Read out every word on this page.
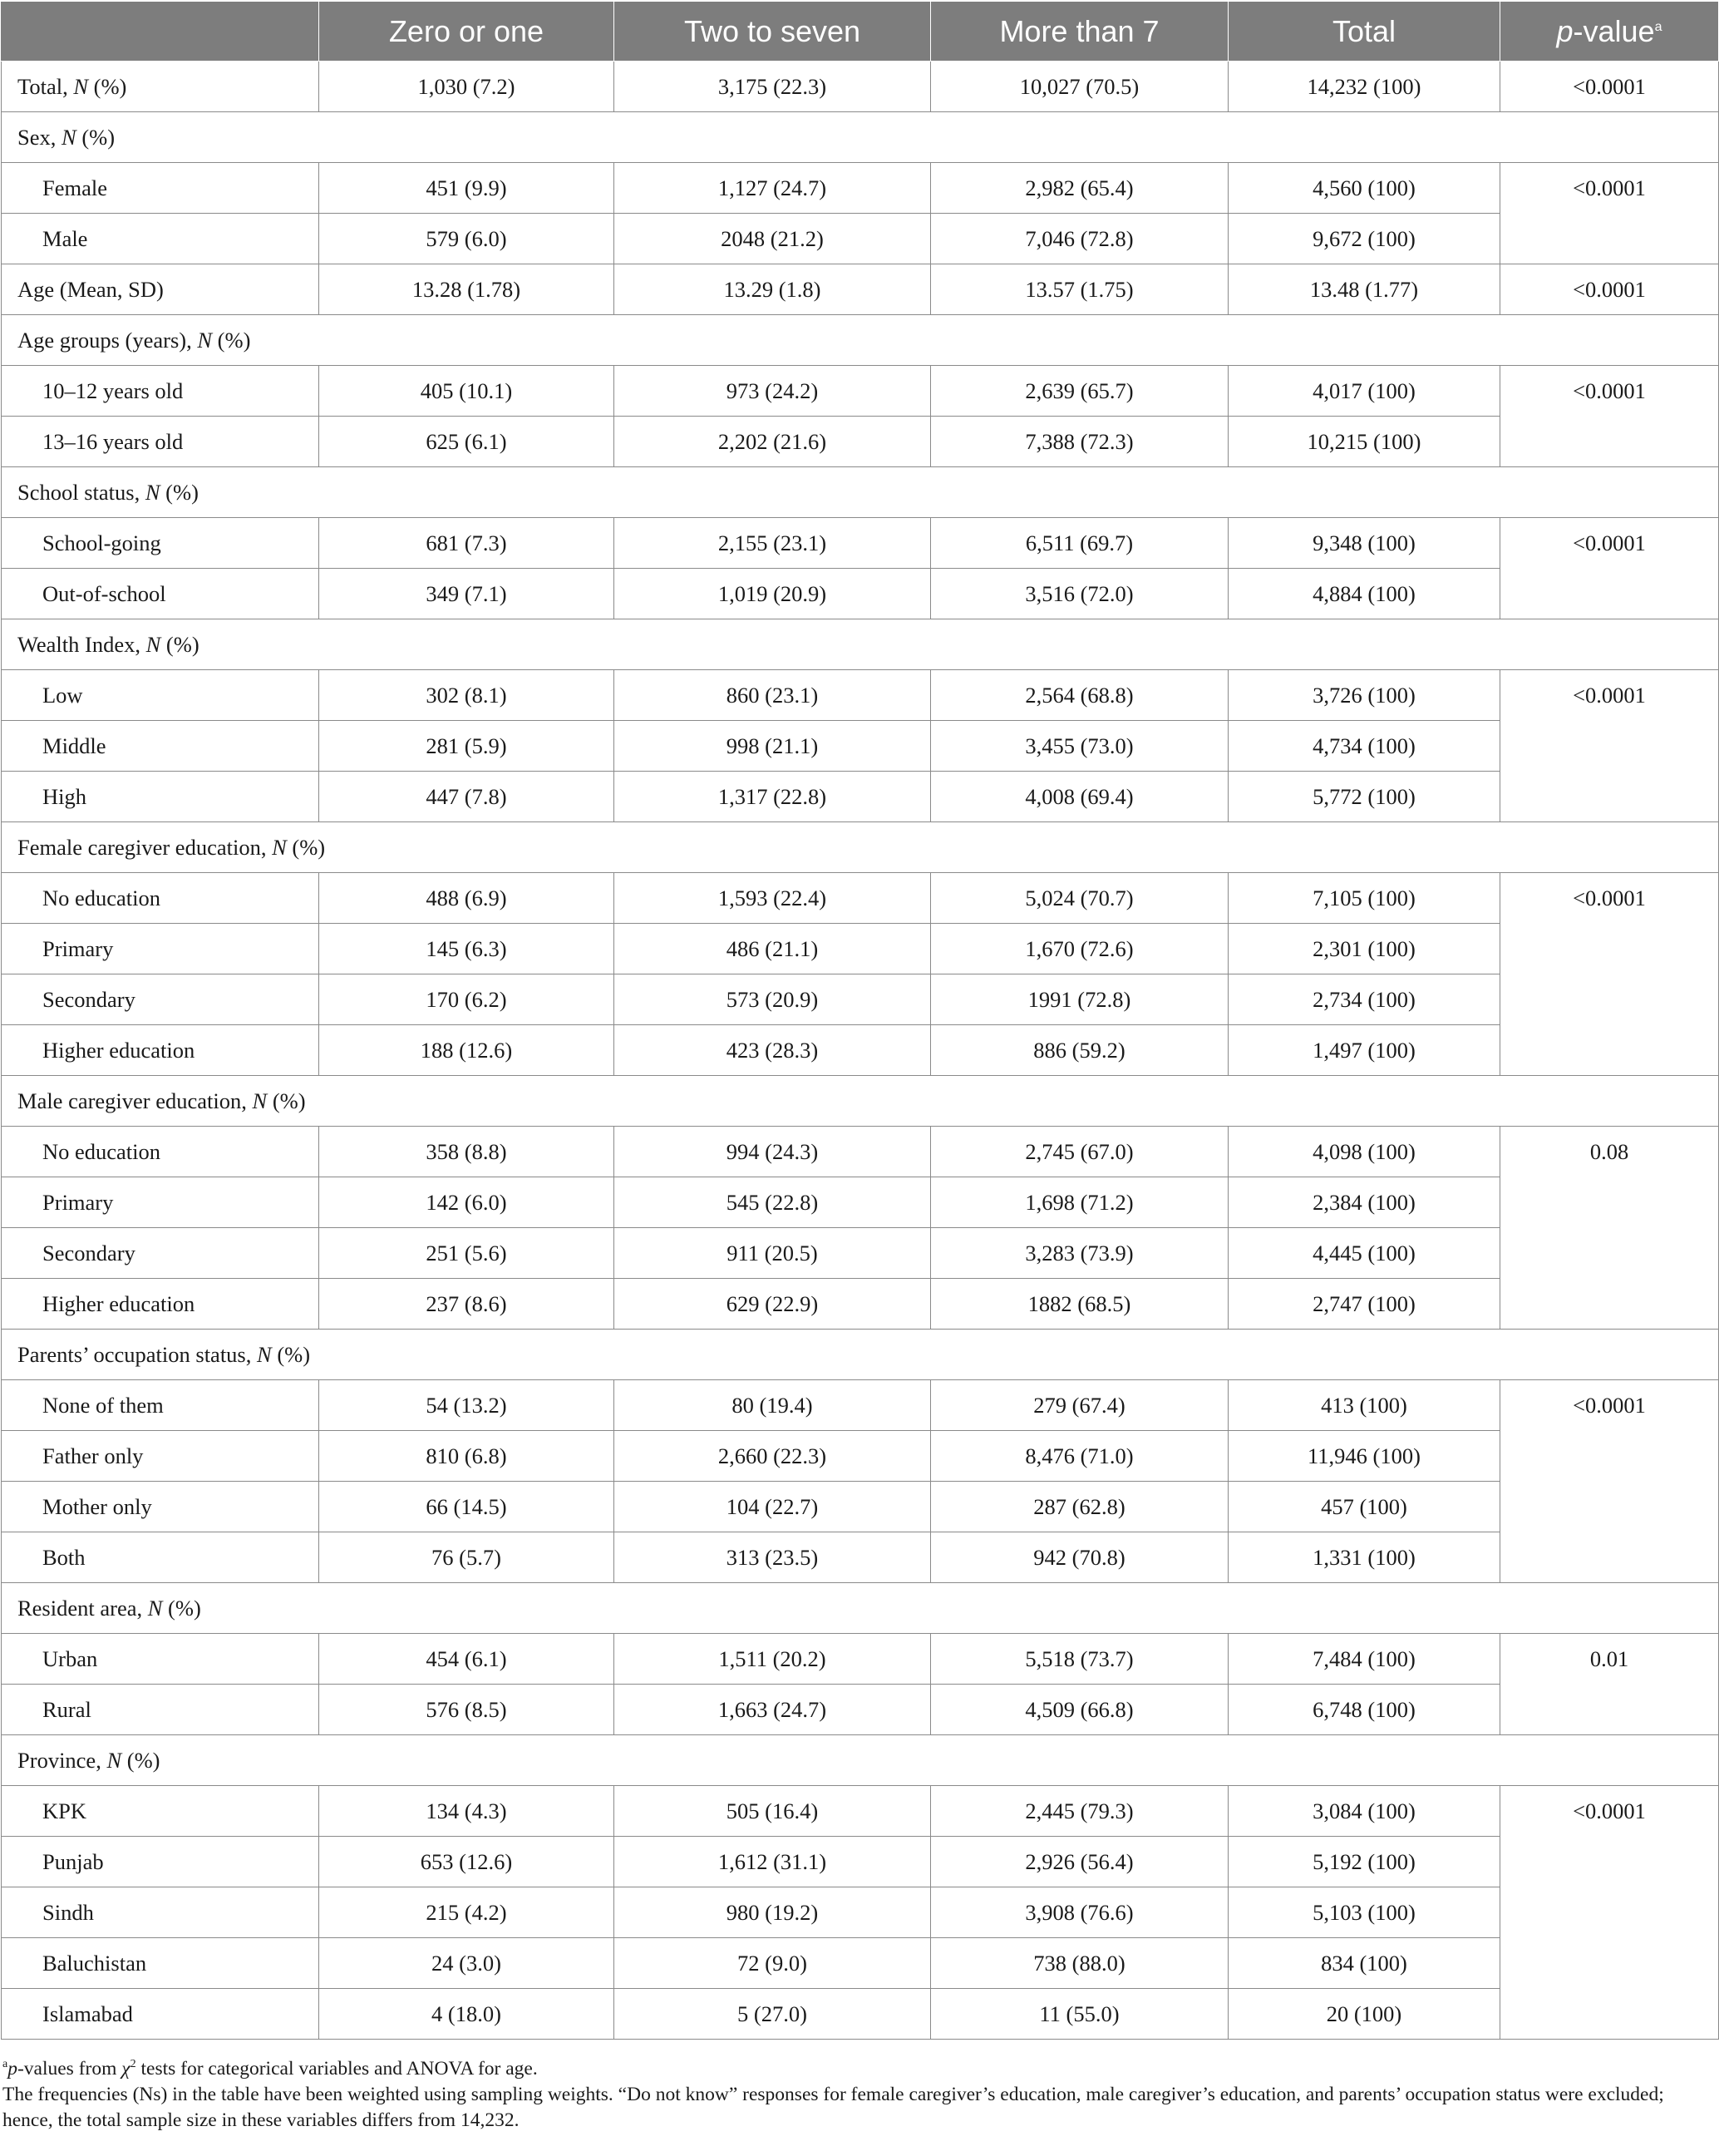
	Zero or one	Two to seven	More than 7	Total	p-value$^a$
Total, N (%)	1,030 (7.2)	3,175 (22.3)	10,027 (70.5)	14,232 (100)	<0.0001
Sex, N (%)					
Female	451 (9.9)	1,127 (24.7)	2,982 (65.4)	4,560 (100)	<0.0001
Male	579 (6.0)	2048 (21.2)	7,046 (72.8)	9,672 (100)	
Age (Mean, SD)	13.28 (1.78)	13.29 (1.8)	13.57 (1.75)	13.48 (1.77)	<0.0001
Age groups (years), N (%)					
10–12 years old	405 (10.1)	973 (24.2)	2,639 (65.7)	4,017 (100)	<0.0001
13–16 years old	625 (6.1)	2,202 (21.6)	7,388 (72.3)	10,215 (100)	
School status, N (%)					
School-going	681 (7.3)	2,155 (23.1)	6,511 (69.7)	9,348 (100)	<0.0001
Out-of-school	349 (7.1)	1,019 (20.9)	3,516 (72.0)	4,884 (100)	
Wealth Index, N (%)					
Low	302 (8.1)	860 (23.1)	2,564 (68.8)	3,726 (100)	<0.0001
Middle	281 (5.9)	998 (21.1)	3,455 (73.0)	4,734 (100)	
High	447 (7.8)	1,317 (22.8)	4,008 (69.4)	5,772 (100)	
Female caregiver education, N (%)					
No education	488 (6.9)	1,593 (22.4)	5,024 (70.7)	7,105 (100)	<0.0001
Primary	145 (6.3)	486 (21.1)	1,670 (72.6)	2,301 (100)	
Secondary	170 (6.2)	573 (20.9)	1991 (72.8)	2,734 (100)	
Higher education	188 (12.6)	423 (28.3)	886 (59.2)	1,497 (100)	
Male caregiver education, N (%)					
No education	358 (8.8)	994 (24.3)	2,745 (67.0)	4,098 (100)	0.08
Primary	142 (6.0)	545 (22.8)	1,698 (71.2)	2,384 (100)	
Secondary	251 (5.6)	911 (20.5)	3,283 (73.9)	4,445 (100)	
Higher education	237 (8.6)	629 (22.9)	1882 (68.5)	2,747 (100)	
Parents’ occupation status, N (%)					
None of them	54 (13.2)	80 (19.4)	279 (67.4)	413 (100)	<0.0001
Father only	810 (6.8)	2,660 (22.3)	8,476 (71.0)	11,946 (100)	
Mother only	66 (14.5)	104 (22.7)	287 (62.8)	457 (100)	
Both	76 (5.7)	313 (23.5)	942 (70.8)	1,331 (100)	
Resident area, N (%)					
Urban	454 (6.1)	1,511 (20.2)	5,518 (73.7)	7,484 (100)	0.01
Rural	576 (8.5)	1,663 (24.7)	4,509 (66.8)	6,748 (100)	
Province, N (%)					
KPK	134 (4.3)	505 (16.4)	2,445 (79.3)	3,084 (100)	<0.0001
Punjab	653 (12.6)	1,612 (31.1)	2,926 (56.4)	5,192 (100)	
Sindh	215 (4.2)	980 (19.2)	3,908 (76.6)	5,103 (100)	
Baluchistan	24 (3.0)	72 (9.0)	738 (88.0)	834 (100)	
Islamabad	4 (18.0)	5 (27.0)	11 (55.0)	20 (100)	

$^a$p-values from $\chi^2$ tests for categorical variables and ANOVA for age.

The frequencies (Ns) in the table have been weighted using sampling weights. “Do not know” responses for female caregiver’s education, male caregiver’s education, and parents’ occupation status were excluded; hence, the total sample size in these variables differs from 14,232.
